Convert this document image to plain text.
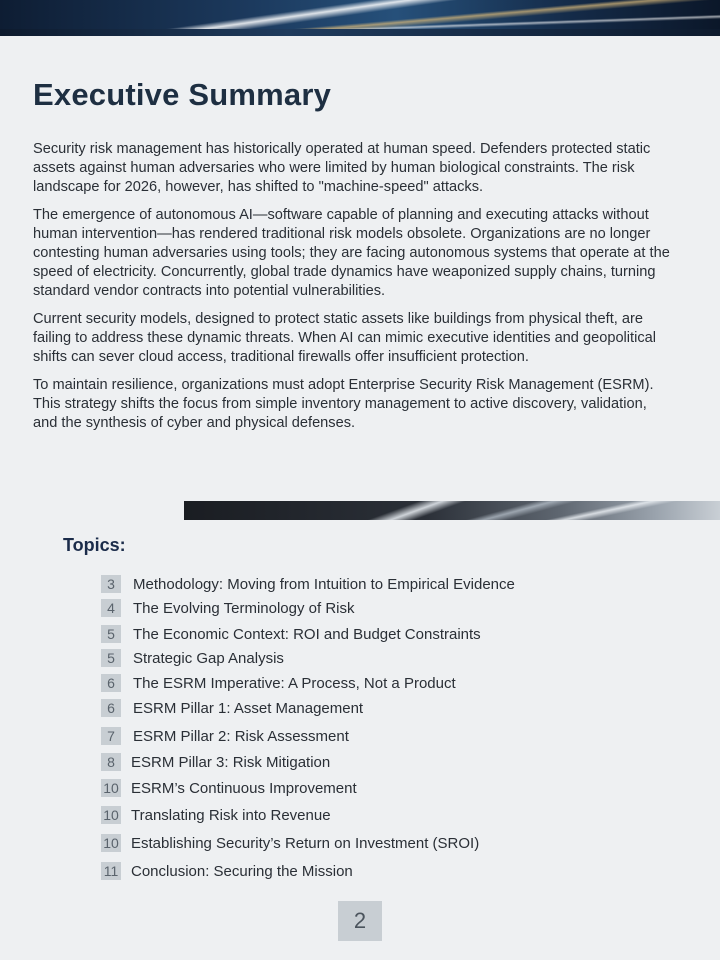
Executive Summary

Security risk management has historically operated at human speed. Defenders protected static assets against human adversaries who were limited by human biological constraints. The risk landscape for 2026, however, has shifted to "machine-speed" attacks.

The emergence of autonomous AI—software capable of planning and executing attacks without human intervention—has rendered traditional risk models obsolete. Organizations are no longer contesting human adversaries using tools; they are facing autonomous systems that operate at the speed of electricity. Concurrently, global trade dynamics have weaponized supply chains, turning standard vendor contracts into potential vulnerabilities.

Current security models, designed to protect static assets like buildings from physical theft, are failing to address these dynamic threats. When AI can mimic executive identities and geopolitical shifts can sever cloud access, traditional firewalls offer insufficient protection.

To maintain resilience, organizations must adopt Enterprise Security Risk Management (ESRM). This strategy shifts the focus from simple inventory management to active discovery, validation, and the synthesis of cyber and physical defenses.

Topics:
3	Methodology: Moving from Intuition to Empirical Evidence
4	The Evolving Terminology of Risk
5	The Economic Context: ROI and Budget Constraints
5	Strategic Gap Analysis
6	The ESRM Imperative: A Process, Not a Product
6	ESRM Pillar 1: Asset Management
7	ESRM Pillar 2: Risk Assessment
8	ESRM Pillar 3: Risk Mitigation
10 ESRM’s Continuous Improvement
10 Translating Risk into Revenue
10 Establishing Security’s Return on Investment (SROI)
11 Conclusion: Securing the Mission
2
